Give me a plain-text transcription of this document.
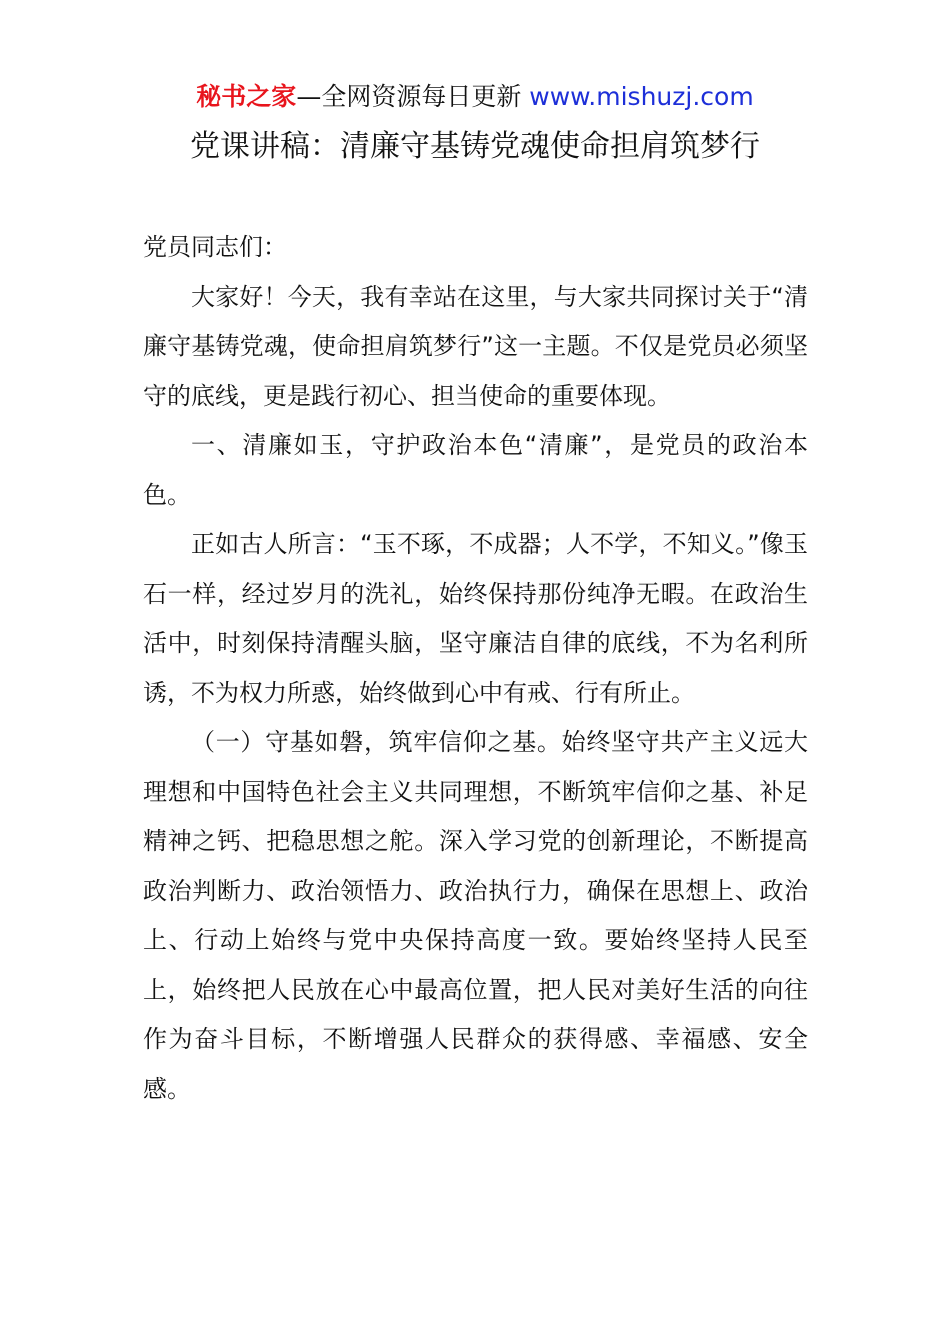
秘书之家—全网资源每日更新 www.mishuzj.com
党课讲稿：清廉守基铸党魂使命担肩筑梦行

党员同志们：

大家好！今天，我有幸站在这里，与大家共同探讨关于“清廉守基铸党魂，使命担肩筑梦行”这一主题。不仅是党员必须坚守的底线，更是践行初心、担当使命的重要体现。

一、清廉如玉，守护政治本色“清廉”，是党员的政治本色。

正如古人所言：“玉不琢，不成器；人不学，不知义。”像玉石一样，经过岁月的洗礼，始终保持那份纯净无暇。在政治生活中，时刻保持清醒头脑，坚守廉洁自律的底线，不为名利所诱，不为权力所惑，始终做到心中有戒、行有所止。

（一）守基如磐，筑牢信仰之基。始终坚守共产主义远大理想和中国特色社会主义共同理想，不断筑牢信仰之基、补足精神之钙、把稳思想之舵。深入学习党的创新理论，不断提高政治判断力、政治领悟力、政治执行力，确保在思想上、政治上、行动上始终与党中央保持高度一致。要始终坚持人民至上，始终把人民放在心中最高位置，把人民对美好生活的向往作为奋斗目标，不断增强人民群众的获得感、幸福感、安全感。
